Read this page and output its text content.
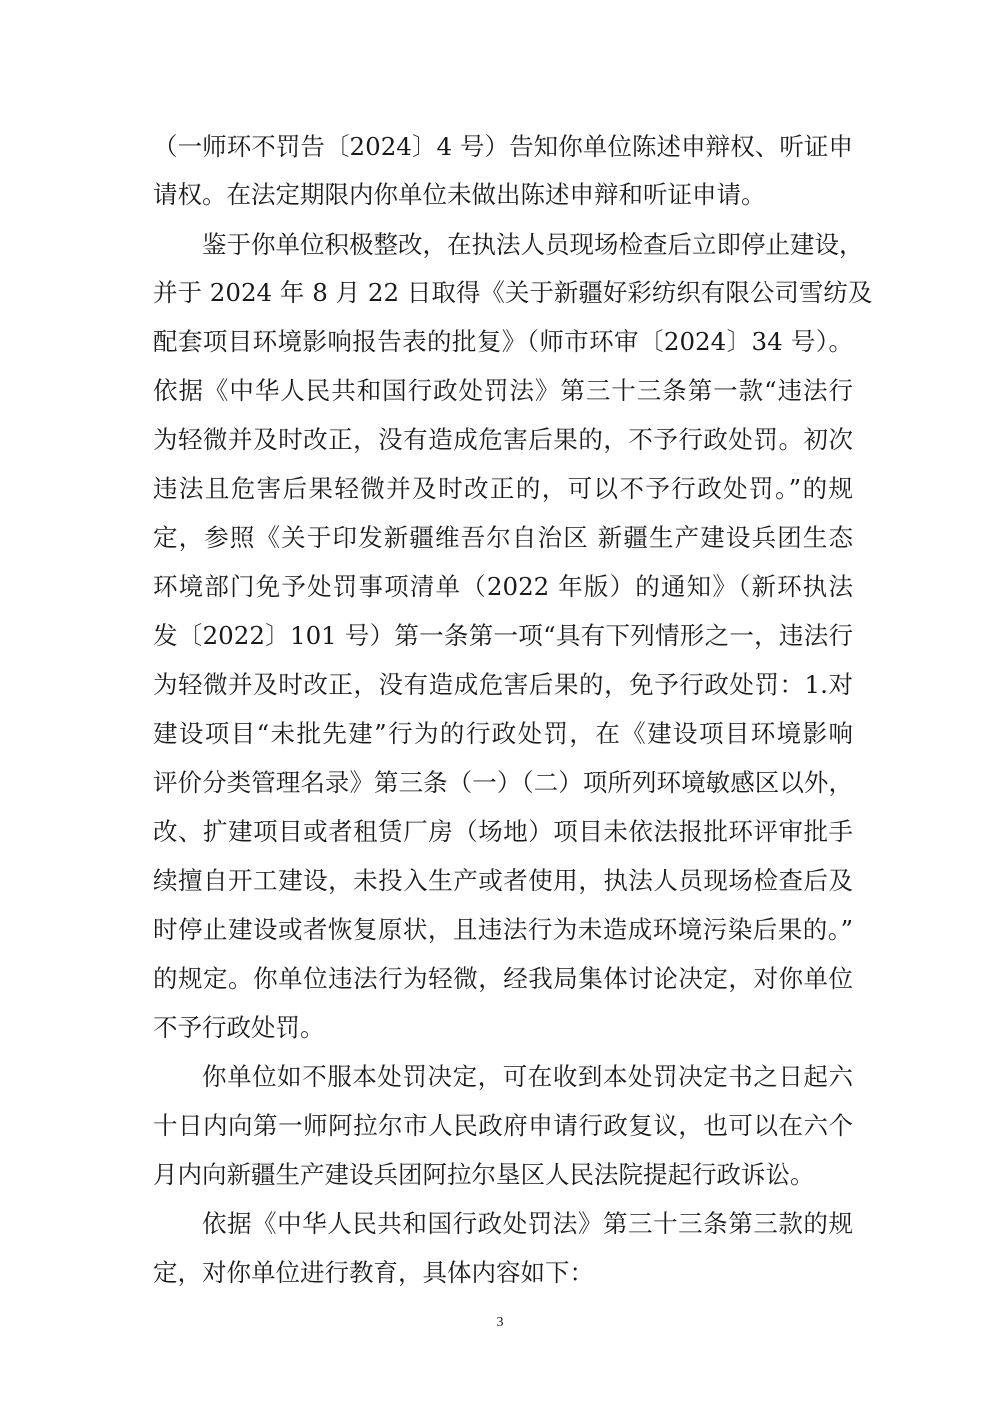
（一师环不罚告〔2024〕4 号）告知你单位陈述申辩权、听证申
请权。在法定期限内你单位未做出陈述申辩和听证申请。
鉴于你单位积极整改，在执法人员现场检查后立即停止建设，
并于 2024 年 8 月 22 日取得《关于新疆好彩纺织有限公司雪纺及
配套项目环境影响报告表的批复》（师市环审〔2024〕34 号）。
依据《中华人民共和国行政处罚法》第三十三条第一款“违法行
为轻微并及时改正，没有造成危害后果的，不予行政处罚。初次
违法且危害后果轻微并及时改正的，可以不予行政处罚。”的规
定，参照《关于印发新疆维吾尔自治区 新疆生产建设兵团生态
环境部门免予处罚事项清单（2022 年版）的通知》（新环执法
发〔2022〕101 号）第一条第一项“具有下列情形之一，违法行
为轻微并及时改正，没有造成危害后果的，免予行政处罚：1.对
建设项目“未批先建”行为的行政处罚，在《建设项目环境影响
评价分类管理名录》第三条（一）（二）项所列环境敏感区以外，
改、扩建项目或者租赁厂房（场地）项目未依法报批环评审批手
续擅自开工建设，未投入生产或者使用，执法人员现场检查后及
时停止建设或者恢复原状，且违法行为未造成环境污染后果的。”
的规定。你单位违法行为轻微，经我局集体讨论决定，对你单位
不予行政处罚。
你单位如不服本处罚决定，可在收到本处罚决定书之日起六
十日内向第一师阿拉尔市人民政府申请行政复议，也可以在六个
月内向新疆生产建设兵团阿拉尔垦区人民法院提起行政诉讼。
依据《中华人民共和国行政处罚法》第三十三条第三款的规
定，对你单位进行教育，具体内容如下：
3
